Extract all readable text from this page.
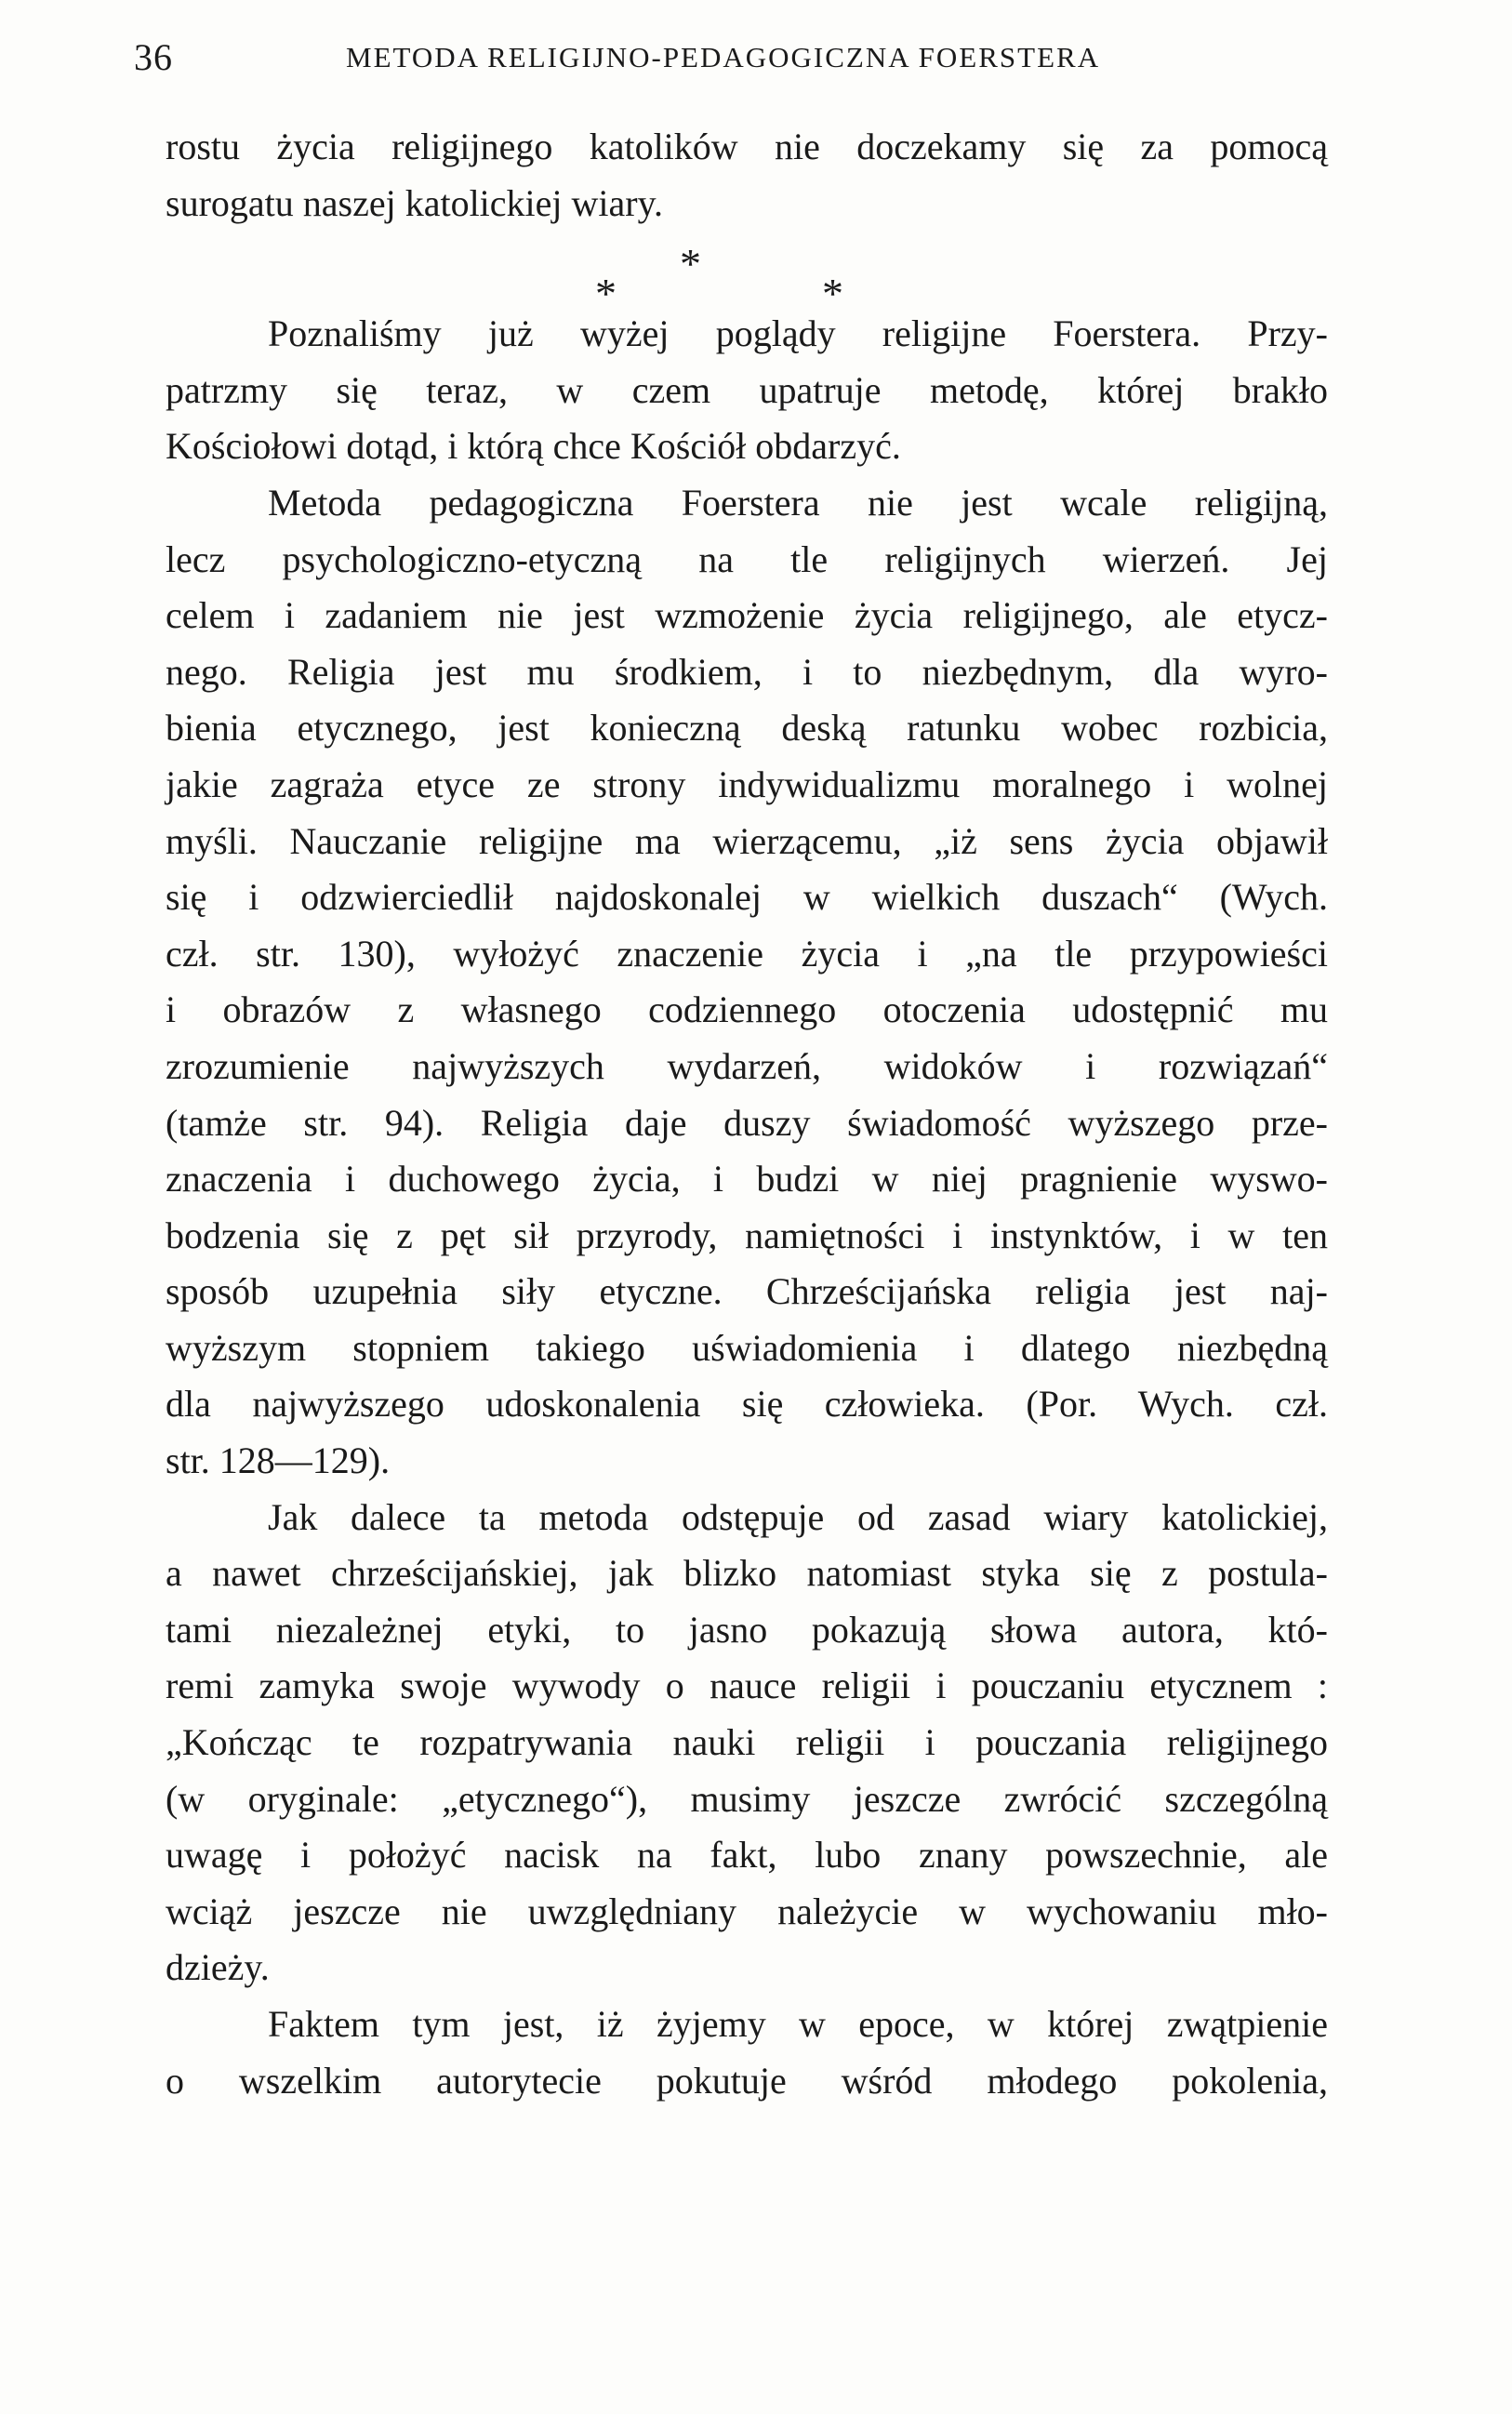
36	METODA RELIGIJNO-PEDAGOGICZNA FOERSTERA
rostu życia religijnego katolików nie doczekamy się za pomocą
surogatu naszej katolickiej wiary.
*
*
*
Poznaliśmy już wyżej poglądy religijne Foerstera. Przy-
patrzmy się teraz, w czem upatruje metodę, której brakło
Kościołowi dotąd, i którą chce Kościół obdarzyć.
Metoda pedagogiczna Foerstera nie jest wcale religijną,
lecz psychologiczno-etyczną na tle religijnych wierzeń. Jej
celem i zadaniem nie jest wzmożenie życia religijnego, ale etycz-
nego. Religia jest mu środkiem, i to niezbędnym, dla wyro-
bienia etycznego, jest konieczną deską ratunku wobec rozbicia,
jakie zagraża etyce ze strony indywidualizmu moralnego i wolnej
myśli. Nauczanie religijne ma wierzącemu, „iż sens życia objawił
się i odzwierciedlił najdoskonalej w wielkich duszach“ (Wych.
czł. str. 130), wyłożyć znaczenie życia i „na tle przypowieści
i obrazów z własnego codziennego otoczenia udostępnić mu
zrozumienie najwyższych wydarzeń, widoków i rozwiązań“
(tamże str. 94). Religia daje duszy świadomość wyższego prze-
znaczenia i duchowego życia, i budzi w niej pragnienie wyswo-
bodzenia się z pęt sił przyrody, namiętności i instynktów, i w ten
sposób uzupełnia siły etyczne. Chrześcijańska religia jest naj-
wyższym stopniem takiego uświadomienia i dlatego niezbędną
dla najwyższego udoskonalenia się człowieka. (Por. Wych. czł.
str. 128—129).
Jak dalece ta metoda odstępuje od zasad wiary katolickiej,
a nawet chrześcijańskiej, jak blizko natomiast styka się z postula-
tami niezależnej etyki, to jasno pokazują słowa autora, któ-
remi zamyka swoje wywody o nauce religii i pouczaniu etycznem :
„Kończąc te rozpatrywania nauki religii i pouczania religijnego
(w oryginale: „etycznego“), musimy jeszcze zwrócić szczególną
uwagę i położyć nacisk na fakt, lubo znany powszechnie, ale
wciąż jeszcze nie uwzględniany należycie w wychowaniu mło-
dzieży.
Faktem tym jest, iż żyjemy w epoce, w której zwątpienie
o wszelkim autorytecie pokutuje wśród młodego pokolenia,
